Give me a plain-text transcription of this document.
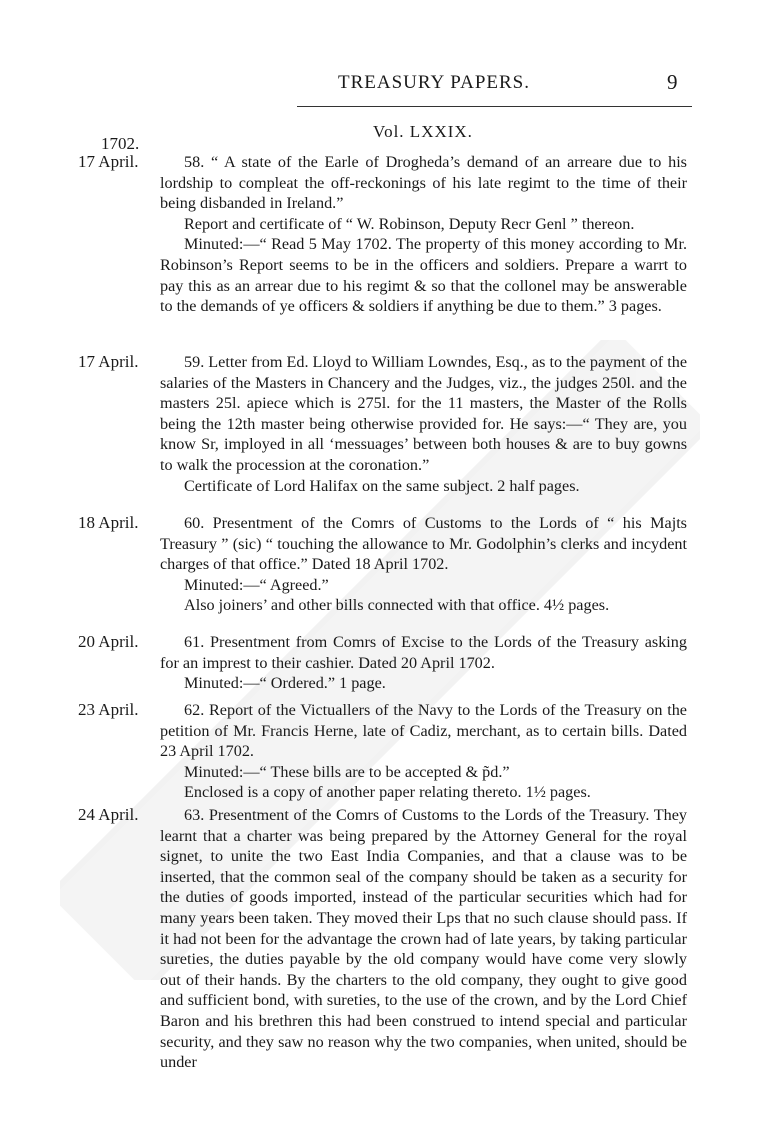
TREASURY PAPERS.	9
Vol. LXXIX.
1702.
17 April.	58. “ A state of the Earle of Drogheda’s demand of an arreare due to his lordship to compleat the off-reckonings of his late regimt to the time of their being disbanded in Ireland.”

Report and certificate of “ W. Robinson, Deputy Recr Genl ” thereon.

Minuted:—“ Read 5 May 1702. The property of this money according to Mr. Robinson’s Report seems to be in the officers and soldiers. Prepare a warrt to pay this as an arrear due to his regimt & so that the collonel may be answerable to the demands of ye officers & soldiers if anything be due to them.” 3 pages.

17 April.	59. Letter from Ed. Lloyd to William Lowndes, Esq., as to the payment of the salaries of the Masters in Chancery and the Judges, viz., the judges 250l. and the masters 25l. apiece which is 275l. for the 11 masters, the Master of the Rolls being the 12th master being otherwise provided for. He says:—“ They are, you know Sr, imployed in all ‘messuages’ between both houses & are to buy gowns to walk the procession at the coronation.”

Certificate of Lord Halifax on the same subject. 2 half pages.

18 April.	60. Presentment of the Comrs of Customs to the Lords of “ his Majts Treasury ” (sic) “ touching the allowance to Mr. Godolphin’s clerks and incydent charges of that office.” Dated 18 April 1702.

Minuted:—“ Agreed.”

Also joiners’ and other bills connected with that office. 4½ pages.

20 April.	61. Presentment from Comrs of Excise to the Lords of the Treasury asking for an imprest to their cashier. Dated 20 April 1702.

Minuted:—“ Ordered.” 1 page.

23 April.	62. Report of the Victuallers of the Navy to the Lords of the Treasury on the petition of Mr. Francis Herne, late of Cadiz, merchant, as to certain bills. Dated 23 April 1702.

Minuted:—“ These bills are to be accepted & p̃d.”

Enclosed is a copy of another paper relating thereto. 1½ pages.

24 April.	63. Presentment of the Comrs of Customs to the Lords of the Treasury. They learnt that a charter was being prepared by the Attorney General for the royal signet, to unite the two East India Companies, and that a clause was to be inserted, that the common seal of the company should be taken as a security for the duties of goods imported, instead of the particular securities which had for many years been taken. They moved their Lps that no such clause should pass. If it had not been for the advantage the crown had of late years, by taking particular sureties, the duties payable by the old company would have come very slowly out of their hands. By the charters to the old company, they ought to give good and sufficient bond, with sureties, to the use of the crown, and by the Lord Chief Baron and his brethren this had been construed to intend special and particular security, and they saw no reason why the two companies, when united, should be under
